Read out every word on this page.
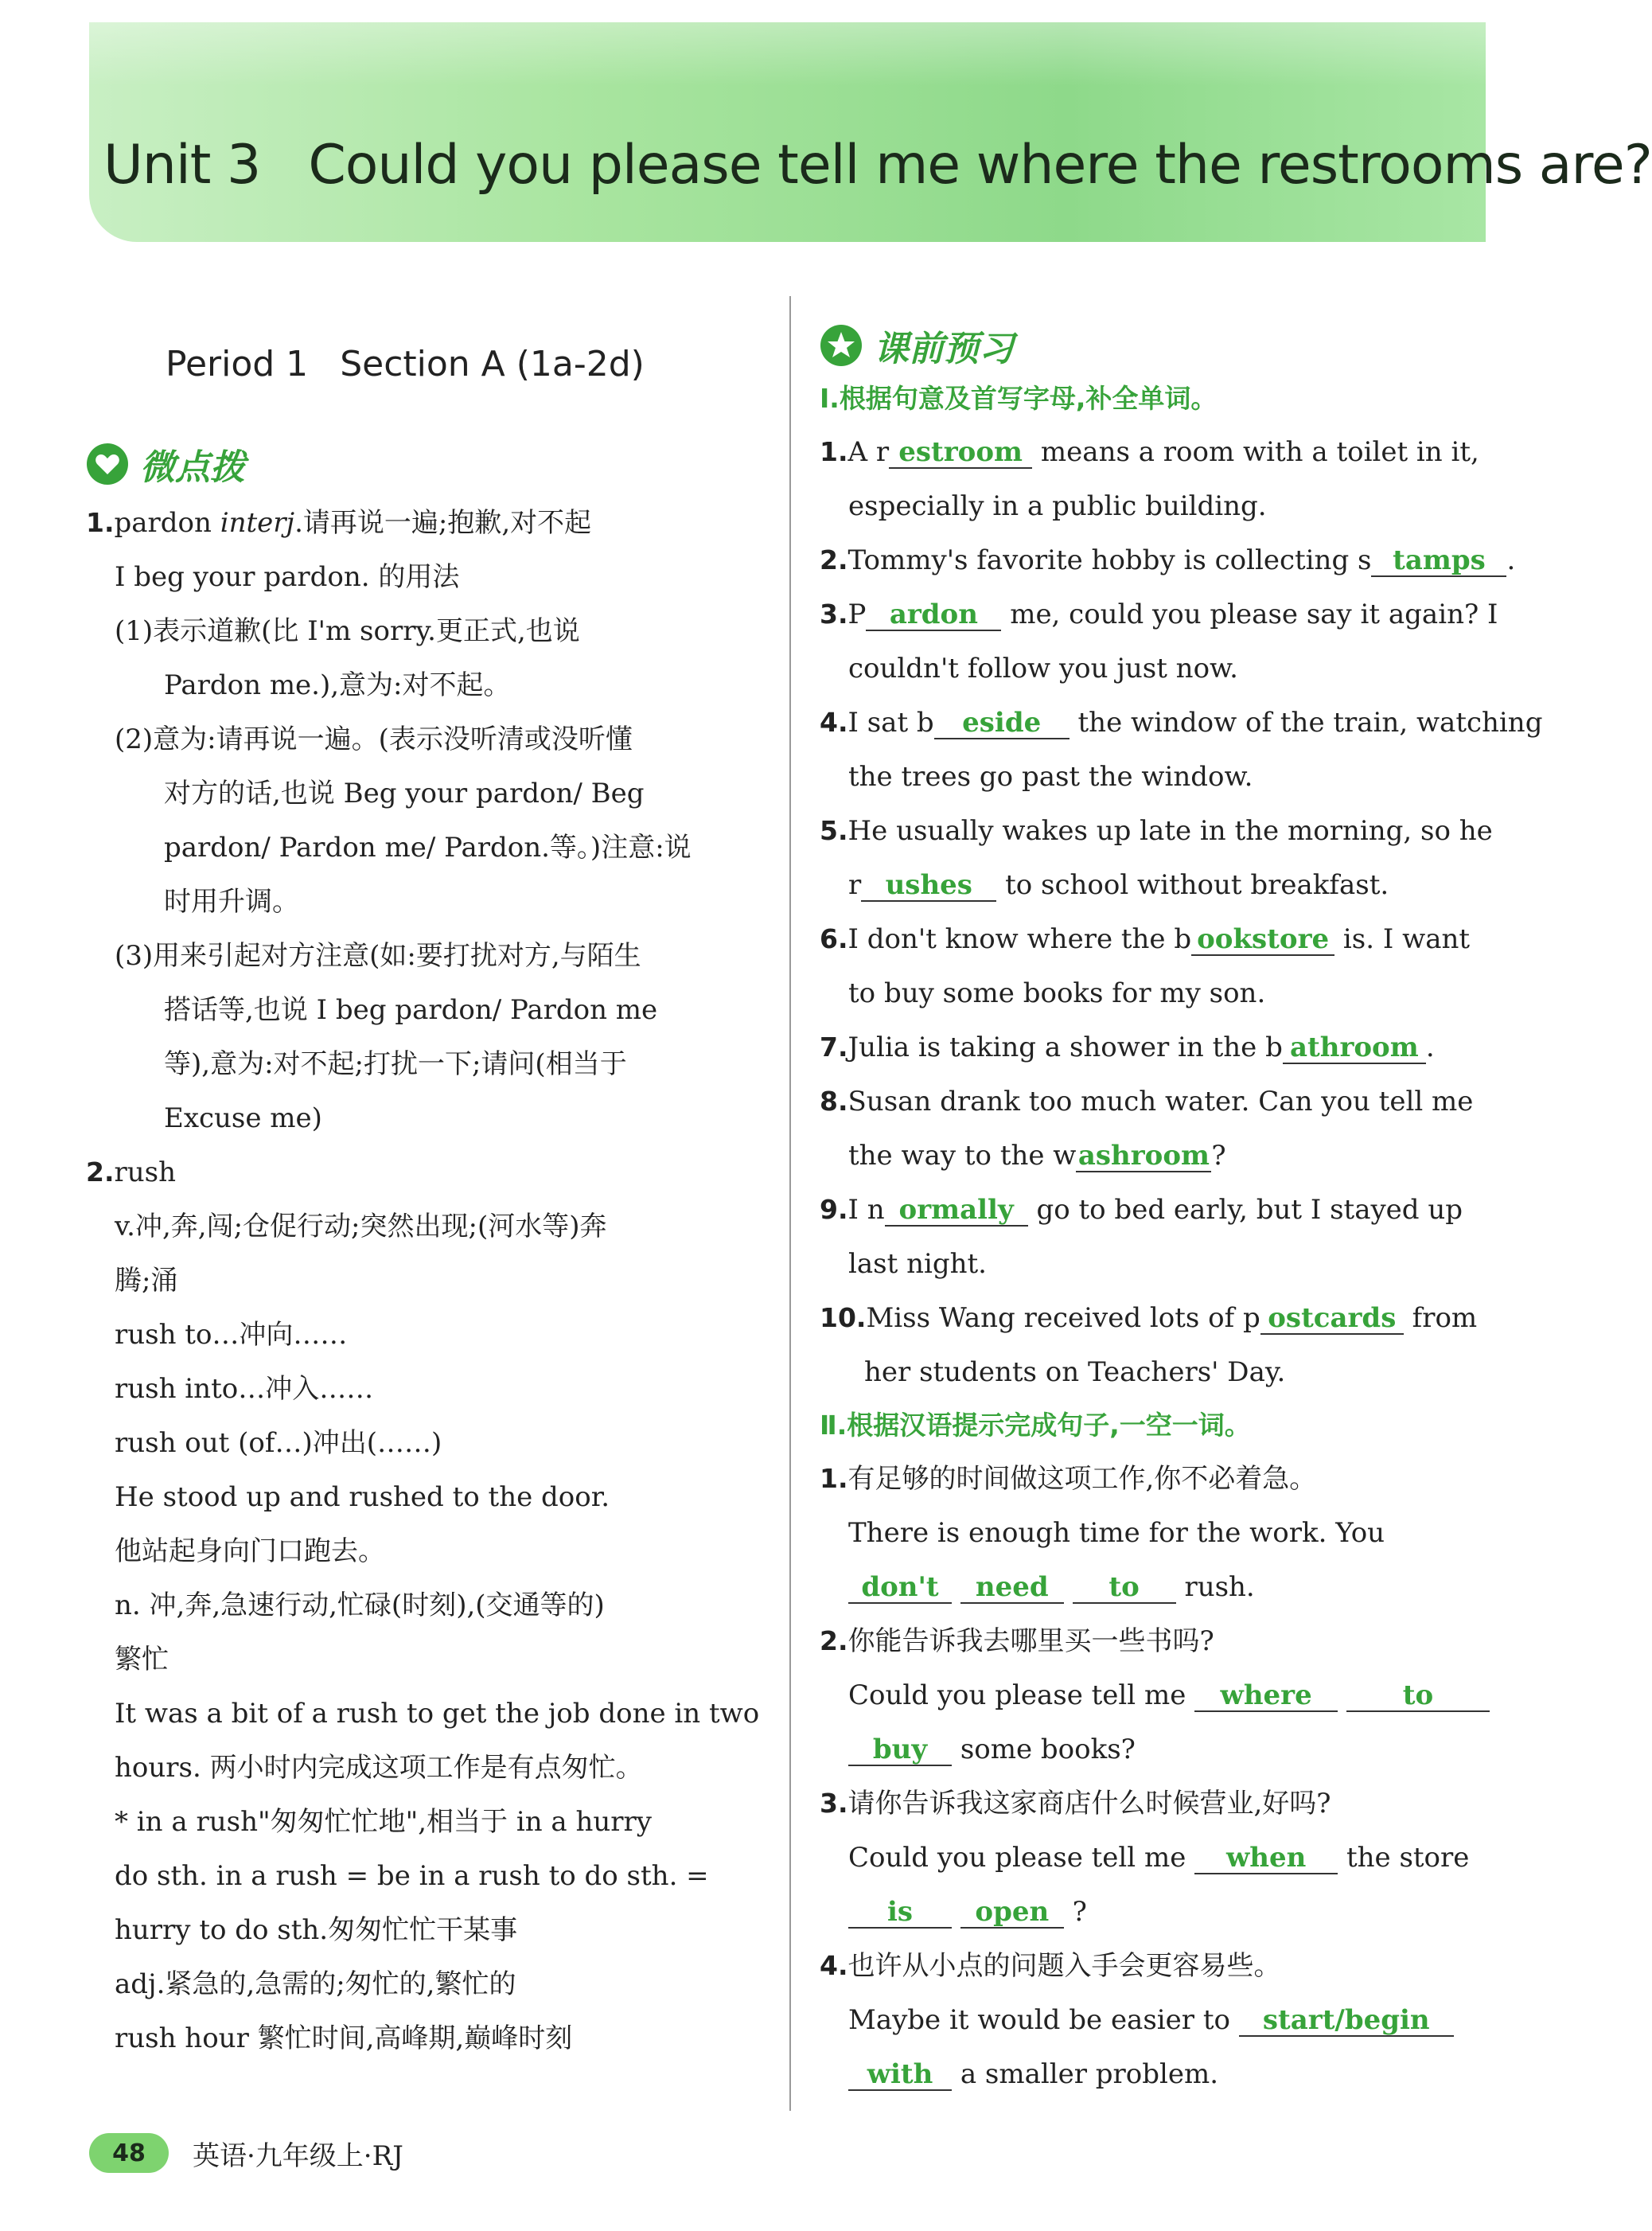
Unit 3 Could you please tell me where the restrooms are?
Period 1 Section A (1a-2d)
微点拨
1.pardon interj.请再说一遍;抱歉,对不起
I beg your pardon. 的用法
(1)表示道歉(比 I'm sorry.更正式,也说
Pardon me.),意为:对不起。
(2)意为:请再说一遍。(表示没听清或没听懂
对方的话,也说 Beg your pardon/ Beg
pardon/ Pardon me/ Pardon.等。)注意:说
时用升调。
(3)用来引起对方注意(如:要打扰对方,与陌生
搭话等,也说 I beg pardon/ Pardon me
等),意为:对不起;打扰一下;请问(相当于
Excuse me)
2.rush
v.冲,奔,闯;仓促行动;突然出现;(河水等)奔
腾;涌
rush to…冲向……
rush into…冲入……
rush out (of…)冲出(……)
He stood up and rushed to the door.
他站起身向门口跑去。
n. 冲,奔,急速行动,忙碌(时刻),(交通等的)
繁忙
It was a bit of a rush to get the job done in two
hours. 两小时内完成这项工作是有点匆忙。
* in a rush"匆匆忙忙地",相当于 in a hurry
do sth. in a rush = be in a rush to do sth. =
hurry to do sth.匆匆忙忙干某事
adj.紧急的,急需的;匆忙的,繁忙的
rush hour 繁忙时间,高峰期,巅峰时刻
课前预习
Ⅰ.根据句意及首写字母,补全单词。
1.A r estroom means a room with a toilet in it,
especially in a public building.
2.Tommy's favorite hobby is collecting s tamps .
3.P ardon me, could you please say it again? I
couldn't follow you just now.
4.I sat b eside the window of the train, watching
the trees go past the window.
5.He usually wakes up late in the morning, so he
r ushes to school without breakfast.
6.I don't know where the b ookstore is. I want
to buy some books for my son.
7.Julia is taking a shower in the b athroom .
8.Susan drank too much water. Can you tell me
the way to the washroom?
9.I n ormally go to bed early, but I stayed up
last night.
10.Miss Wang received lots of p ostcards from
her students on Teachers' Day.
Ⅱ.根据汉语提示完成句子,一空一词。
1.有足够的时间做这项工作,你不必着急。
There is enough time for the work. You
don't need to rush.
2.你能告诉我去哪里买一些书吗?
Could you please tell me where	to
buy some books?
3.请你告诉我这家商店什么时候营业,好吗?
Could you please tell me when the store
is open ?
4.也许从小点的问题入手会更容易些。
Maybe it would be easier to start/begin
with a smaller problem.
48	英语·九年级上·RJ
